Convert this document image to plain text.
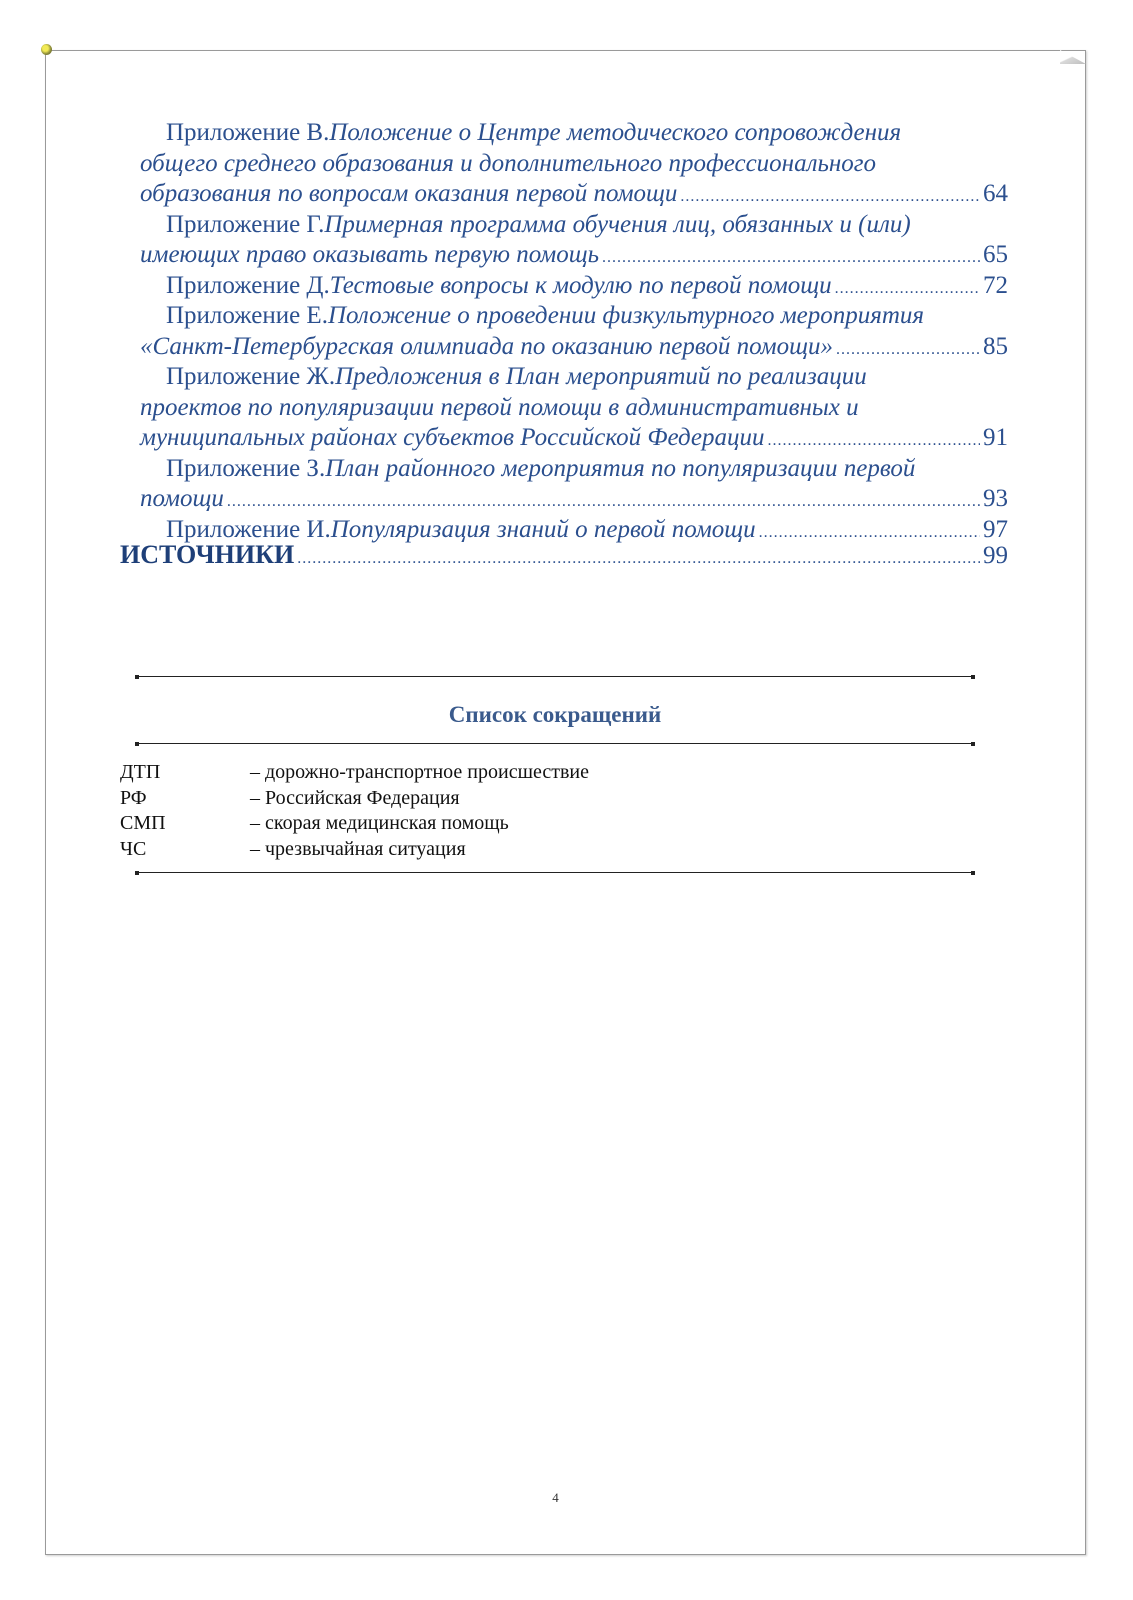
Приложение В. Положение о Центре методического сопровождения
общего среднего образования и дополнительного профессионального
образования по вопросам оказания первой помощи .....	64
Приложение Г. Примерная программа обучения лиц, обязанных и (или)
имеющих право оказывать первую помощь .....	65
Приложение Д. Тестовые вопросы к модулю по первой помощи .....	72
Приложение Е. Положение о проведении физкультурного мероприятия
«Санкт-Петербургская олимпиада по оказанию первой помощи» .....	85
Приложение Ж. Предложения в План мероприятий по реализации
проектов по популяризации первой помощи в административных и
муниципальных районах субъектов Российской Федерации .....	91
Приложение З. План районного мероприятия по популяризации первой
помощи .....	93
Приложение И. Популяризация знаний о первой помощи .....	97
ИСТОЧНИКИ .....	99
Список сокращений
ДТП	– дорожно-транспортное происшествие
РФ	– Российская Федерация
СМП	– скорая медицинская помощь
ЧС	– чрезвычайная ситуация
4
